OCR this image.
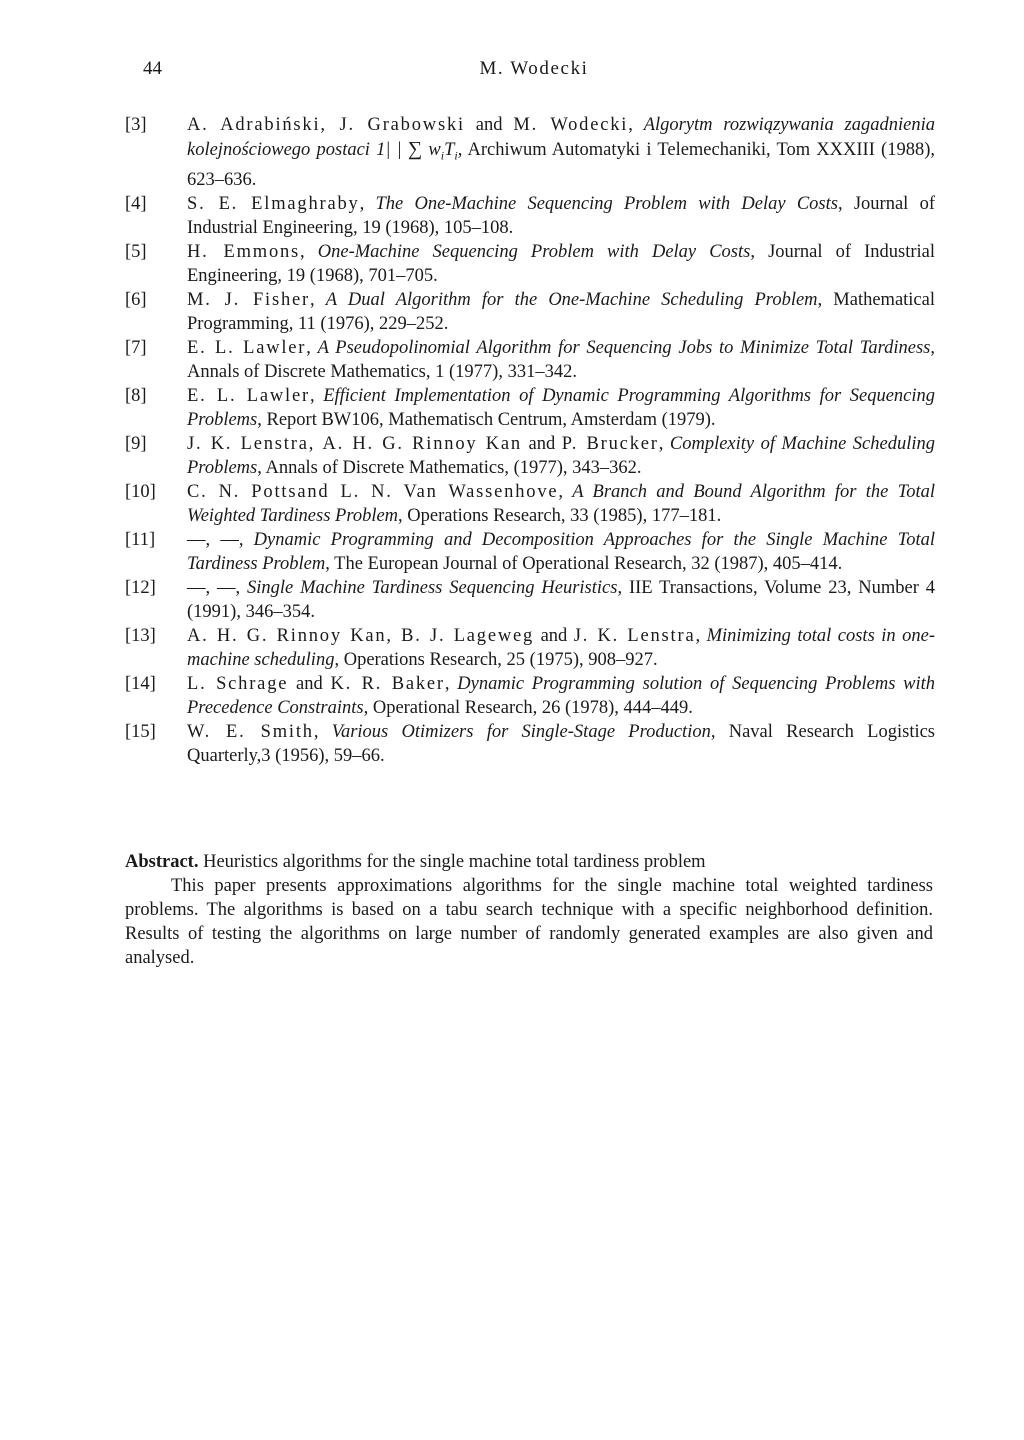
44	M. Wodecki
[3]	A. Adrabiński, J. Grabowski and M. Wodecki, Algorytm rozwiązywania zagadnienia kolejnościowego postaci 1| | ∑ $w_iT_i$, Archiwum Automatyki i Telemechaniki, Tom XXXIII (1988), 623–636.
[4]	S. E. Elmaghraby, The One-Machine Sequencing Problem with Delay Costs, Journal of Industrial Engineering, 19 (1968), 105–108.
[5]	H. Emmons, One-Machine Sequencing Problem with Delay Costs, Journal of Industrial Engineering, 19 (1968), 701–705.
[6]	M. J. Fisher, A Dual Algorithm for the One-Machine Scheduling Problem, Mathematical Programming, 11 (1976), 229–252.
[7]	E. L. Lawler, A Pseudopolinomial Algorithm for Sequencing Jobs to Minimize Total Tardiness, Annals of Discrete Mathematics, 1 (1977), 331–342.
[8]	E. L. Lawler, Efficient Implementation of Dynamic Programming Algorithms for Sequencing Problems, Report BW106, Mathematisch Centrum, Amsterdam (1979).
[9]	J. K. Lenstra, A. H. G. Rinnoy Kan and P. Brucker, Complexity of Machine Scheduling Problems, Annals of Discrete Mathematics, (1977), 343–362.
[10]	C. N. Pottsand L. N. Van Wassenhove, A Branch and Bound Algorithm for the Total Weighted Tardiness Problem, Operations Research, 33 (1985), 177–181.
[11]	—, —, Dynamic Programming and Decomposition Approaches for the Single Machine Total Tardiness Problem, The European Journal of Operational Research, 32 (1987), 405–414.
[12]	—, —, Single Machine Tardiness Sequencing Heuristics, IIE Transactions, Volume 23, Number 4 (1991), 346–354.
[13]	A. H. G. Rinnoy Kan, B. J. Lageweg and J. K. Lenstra, Minimizing total costs in one-machine scheduling, Operations Research, 25 (1975), 908–927.
[14]	L. Schrage and K. R. Baker, Dynamic Programming solution of Sequencing Problems with Precedence Constraints, Operational Research, 26 (1978), 444–449.
[15]	W. E. Smith, Various Otimizers for Single-Stage Production, Naval Research Logistics Quarterly,3 (1956), 59–66.

Abstract. Heuristics algorithms for the single machine total tardiness problem

This paper presents approximations algorithms for the single machine total weighted tardiness problems. The algorithms is based on a tabu search technique with a specific neighborhood definition. Results of testing the algorithms on large number of randomly generated examples are also given and analysed.
